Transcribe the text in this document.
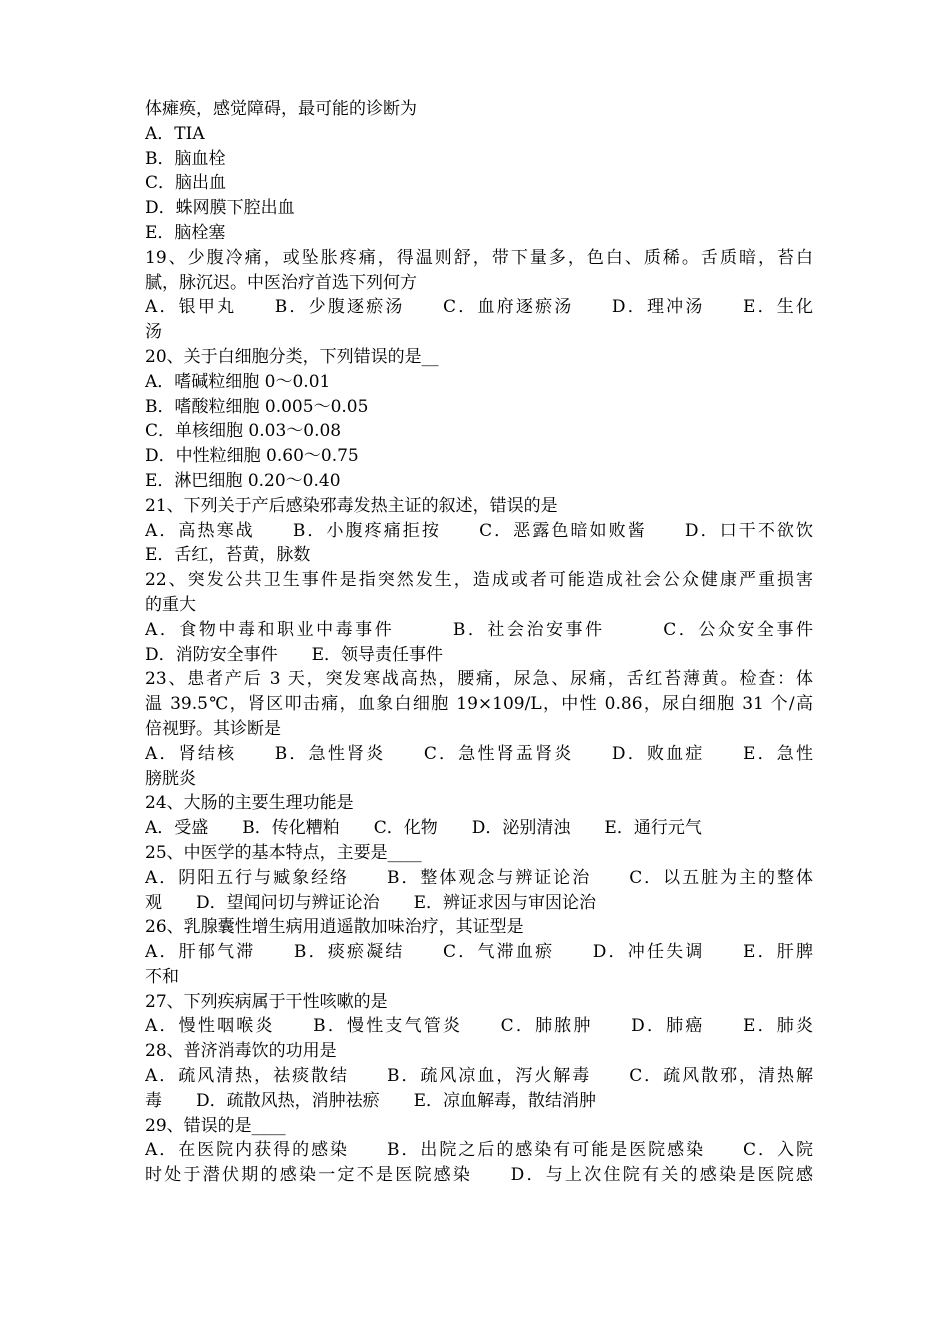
体瘫痪，感觉障碍，最可能的诊断为
A．TIA
B．脑血栓
C．脑出血
D．蛛网膜下腔出血
E．脑栓塞
19、少腹冷痛，或坠胀疼痛，得温则舒，带下量多，色白、质稀。舌质暗，苔白
腻，脉沉迟。中医治疗首选下列何方
A．银甲丸　　B．少腹逐瘀汤　　C．血府逐瘀汤　　D．理冲汤　　E．生化
汤
20、关于白细胞分类，下列错误的是__
A．嗜碱粒细胞 0～0.01
B．嗜酸粒细胞 0.005～0.05
C．单核细胞 0.03～0.08
D．中性粒细胞 0.60～0.75
E．淋巴细胞 0.20～0.40
21、下列关于产后感染邪毒发热主证的叙述，错误的是
A．高热寒战　　B．小腹疼痛拒按　　C．恶露色暗如败酱　　D．口干不欲饮
E．舌红，苔黄，脉数
22、突发公共卫生事件是指突然发生，造成或者可能造成社会公众健康严重损害
的重大
A．食物中毒和职业中毒事件　　　B．社会治安事件　　　C．公众安全事件
D．消防安全事件　　E．领导责任事件
23、患者产后 3 天，突发寒战高热，腰痛，尿急、尿痛，舌红苔薄黄。检查：体
温 39.5℃，肾区叩击痛，血象白细胞 19×109/L，中性 0.86，尿白细胞 31 个/高
倍视野。其诊断是
A．肾结核　　B．急性肾炎　　C．急性肾盂肾炎　　D．败血症　　E．急性
膀胱炎
24、大肠的主要生理功能是
A．受盛　　B．传化糟粕　　C．化物　　D．泌别清浊　　E．通行元气
25、中医学的基本特点，主要是____
A．阴阳五行与臧象经络　　B．整体观念与辨证论治　　C．以五脏为主的整体
观　　D．望闻问切与辨证论治　　E．辨证求因与审因论治
26、乳腺囊性增生病用逍遥散加味治疗，其证型是
A．肝郁气滞　　B．痰瘀凝结　　C．气滞血瘀　　D．冲任失调　　E．肝脾
不和
27、下列疾病属于干性咳嗽的是
A．慢性咽喉炎　　B．慢性支气管炎　　C．肺脓肿　　D．肺癌　　E．肺炎
28、普济消毒饮的功用是
A．疏风清热，祛痰散结　　B．疏风凉血，泻火解毒　　C．疏风散邪，清热解
毒　　D．疏散风热，消肿祛瘀　　E．凉血解毒，散结消肿
29、错误的是____
A．在医院内获得的感染　　B．出院之后的感染有可能是医院感染　　C．入院
时处于潜伏期的感染一定不是医院感染　　D．与上次住院有关的感染是医院感
